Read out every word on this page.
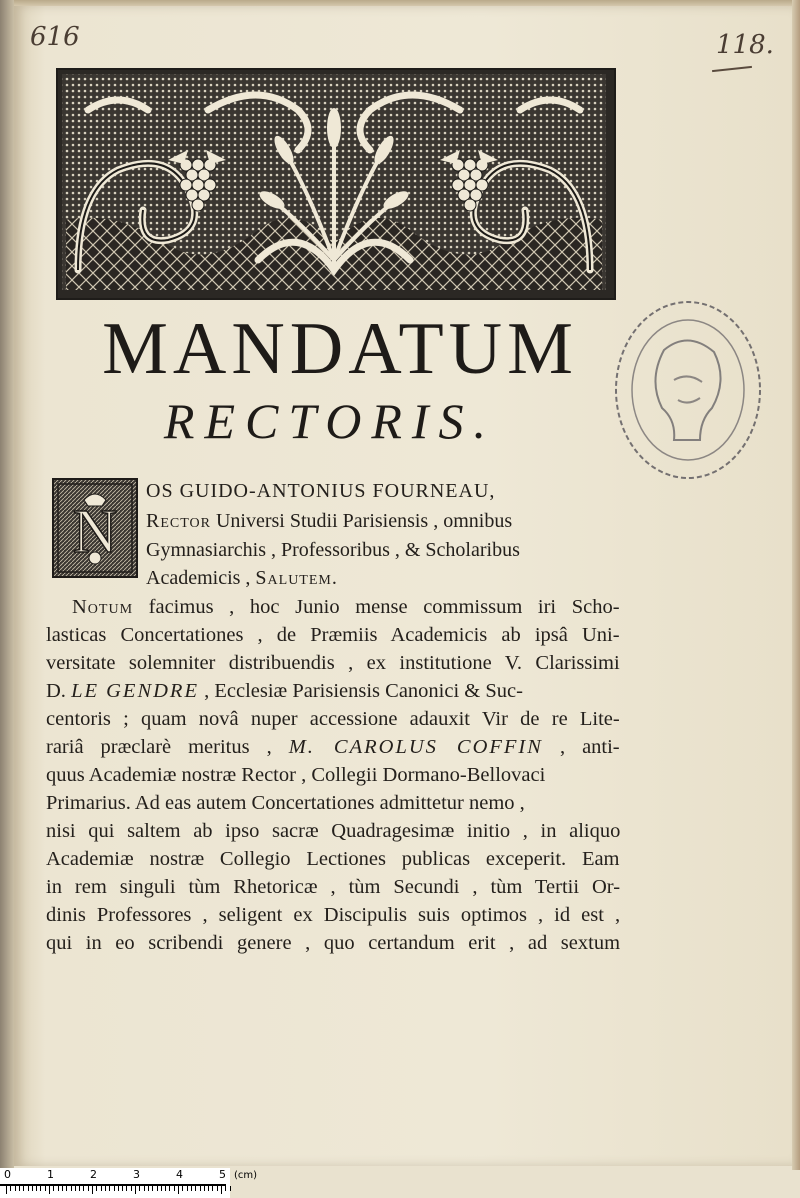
616	118.
MANDATUM
RECTORIS.
N
OS GUIDO-ANTONIUS FOURNEAU,
Rector Universi Studii Parisiensis , omnibus
Gymnasiarchis , Professoribus , & Scholaribus
Academicis , Salutem.
Notum facimus , hoc Junio mense commissum iri Scho-
lasticas Concertationes , de Præmiis Academicis ab ipsâ Uni-
versitate solemniter distribuendis , ex institutione V. Clarissimi
D. LE GENDRE , Ecclesiæ Parisiensis Canonici & Suc-
centoris ; quam novâ nuper accessione adauxit Vir de re Lite-
rariâ præclarè meritus , M. CAROLUS COFFIN , anti-
quus Academiæ nostræ Rector , Collegii Dormano-Bellovaci
Primarius. Ad eas autem Concertationes admittetur nemo ,
nisi qui saltem ab ipso sacræ Quadragesimæ initio , in aliquo
Academiæ nostræ Collegio Lectiones publicas exceperit. Eam
in rem singuli tùm Rhetoricæ , tùm Secundi , tùm Tertii Or-
dinis Professores , seligent ex Discipulis suis optimos , id est ,
qui in eo scribendi genere , quo certandum erit , ad sextum
0	1	2	3	4	5 (cm)
